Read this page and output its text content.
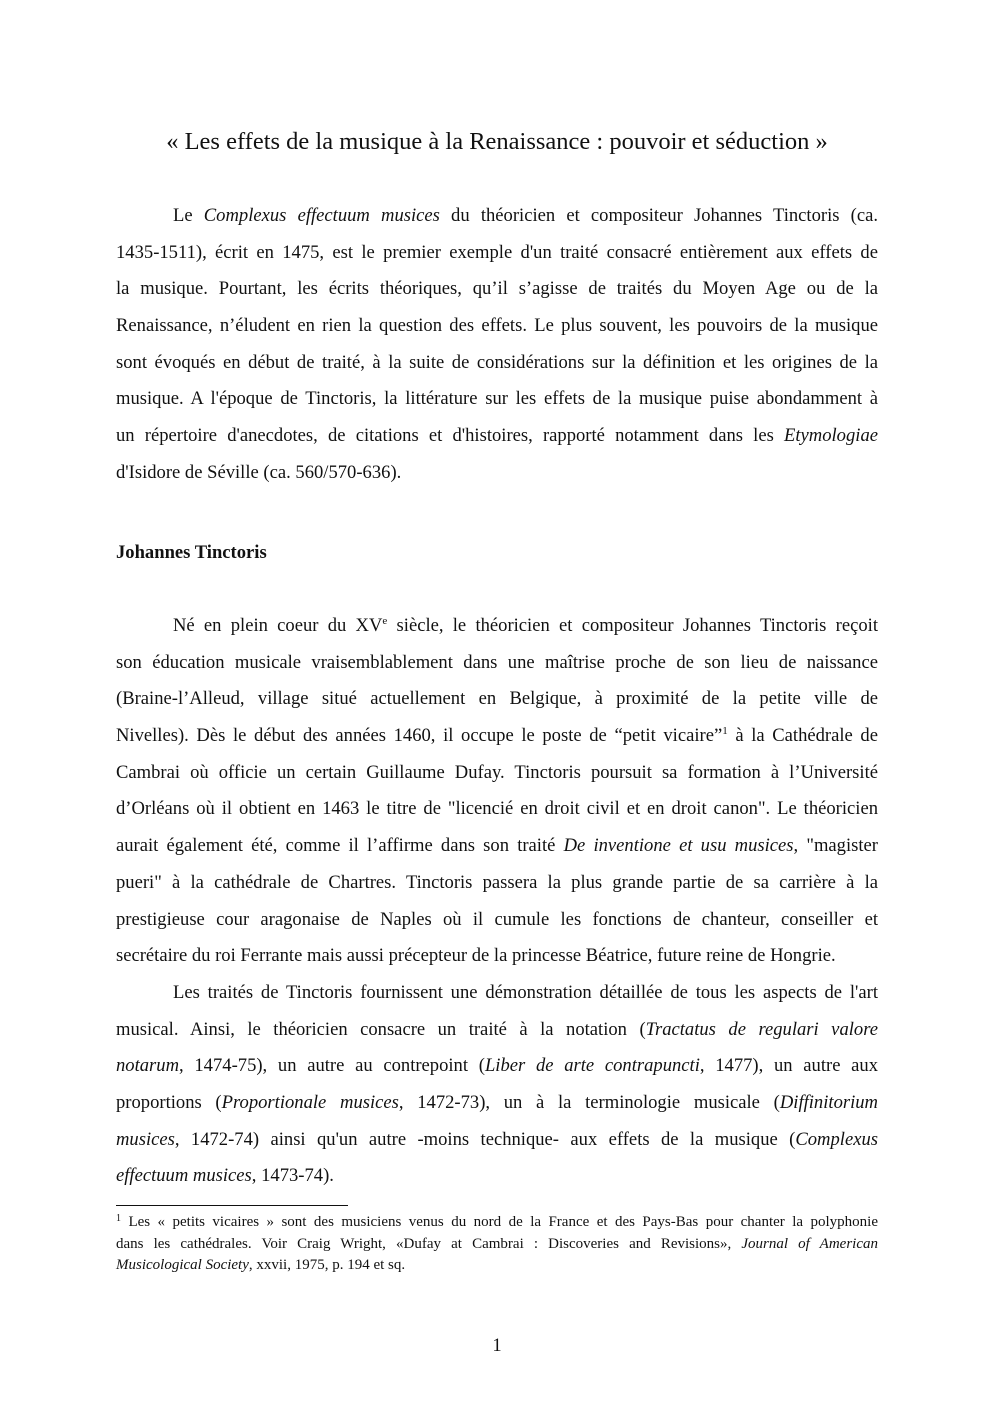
« Les effets de la musique à la Renaissance : pouvoir et séduction »

Le Complexus effectuum musices du théoricien et compositeur Johannes Tinctoris (ca.
1435-1511), écrit en 1475, est le premier exemple d'un traité consacré entièrement aux effets de
la musique. Pourtant, les écrits théoriques, qu’il s’agisse de traités du Moyen Age ou de la
Renaissance, n’éludent en rien la question des effets. Le plus souvent, les pouvoirs de la musique
sont évoqués en début de traité, à la suite de considérations sur la définition et les origines de la
musique. A l'époque de Tinctoris, la littérature sur les effets de la musique puise abondamment à
un répertoire d'anecdotes, de citations et d'histoires, rapporté notamment dans les Etymologiae
d'Isidore de Séville (ca. 560/570-636).

Johannes Tinctoris

Né en plein coeur du XVe siècle, le théoricien et compositeur Johannes Tinctoris reçoit
son éducation musicale vraisemblablement dans une maîtrise proche de son lieu de naissance
(Braine-l’Alleud, village situé actuellement en Belgique, à proximité de la petite ville de
Nivelles). Dès le début des années 1460, il occupe le poste de “petit vicaire”$^1$ à la Cathédrale de
Cambrai où officie un certain Guillaume Dufay. Tinctoris poursuit sa formation à l’Université
d’Orléans où il obtient en 1463 le titre de "licencié en droit civil et en droit canon". Le théoricien
aurait également été, comme il l’affirme dans son traité De inventione et usu musices, "magister
pueri" à la cathédrale de Chartres. Tinctoris passera la plus grande partie de sa carrière à la
prestigieuse cour aragonaise de Naples où il cumule les fonctions de chanteur, conseiller et
secrétaire du roi Ferrante mais aussi précepteur de la princesse Béatrice, future reine de Hongrie.

Les traités de Tinctoris fournissent une démonstration détaillée de tous les aspects de l'art
musical. Ainsi, le théoricien consacre un traité à la notation (Tractatus de regulari valore
notarum, 1474-75), un autre au contrepoint (Liber de arte contrapuncti, 1477), un autre aux
proportions (Proportionale musices, 1472-73), un à la terminologie musicale (Diffinitorium
musices, 1472-74) ainsi qu'un autre -moins technique- aux effets de la musique (Complexus
effectuum musices, 1473-74).

$^1$ Les « petits vicaires » sont des musiciens venus du nord de la France et des Pays-Bas pour chanter la polyphonie
dans les cathédrales. Voir Craig Wright, «Dufay at Cambrai : Discoveries and Revisions», Journal of American
Musicological Society, xxvii, 1975, p. 194 et sq.

1
